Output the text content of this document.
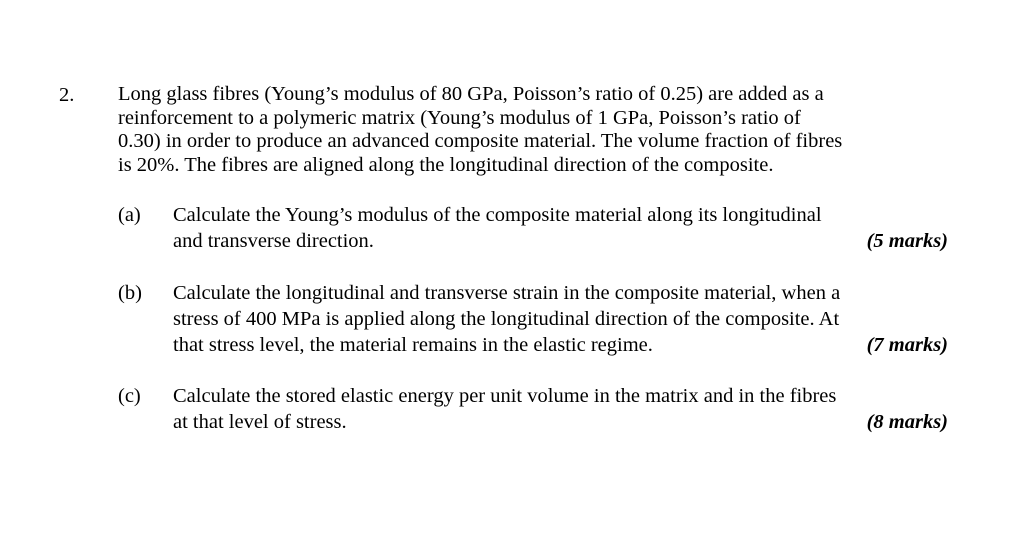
2. Long glass fibres (Young’s modulus of 80 GPa, Poisson’s ratio of 0.25) are added as a
reinforcement to a polymeric matrix (Young’s modulus of 1 GPa, Poisson’s ratio of
0.30) in order to produce an advanced composite material. The volume fraction of fibres
is 20%. The fibres are aligned along the longitudinal direction of the composite.
(a) Calculate the Young’s modulus of the composite material along its longitudinal
and transverse direction.	(5 marks)
(b) Calculate the longitudinal and transverse strain in the composite material, when a
stress of 400 MPa is applied along the longitudinal direction of the composite. At
that stress level, the material remains in the elastic regime.	(7 marks)
(c) Calculate the stored elastic energy per unit volume in the matrix and in the fibres
at that level of stress.	(8 marks)
